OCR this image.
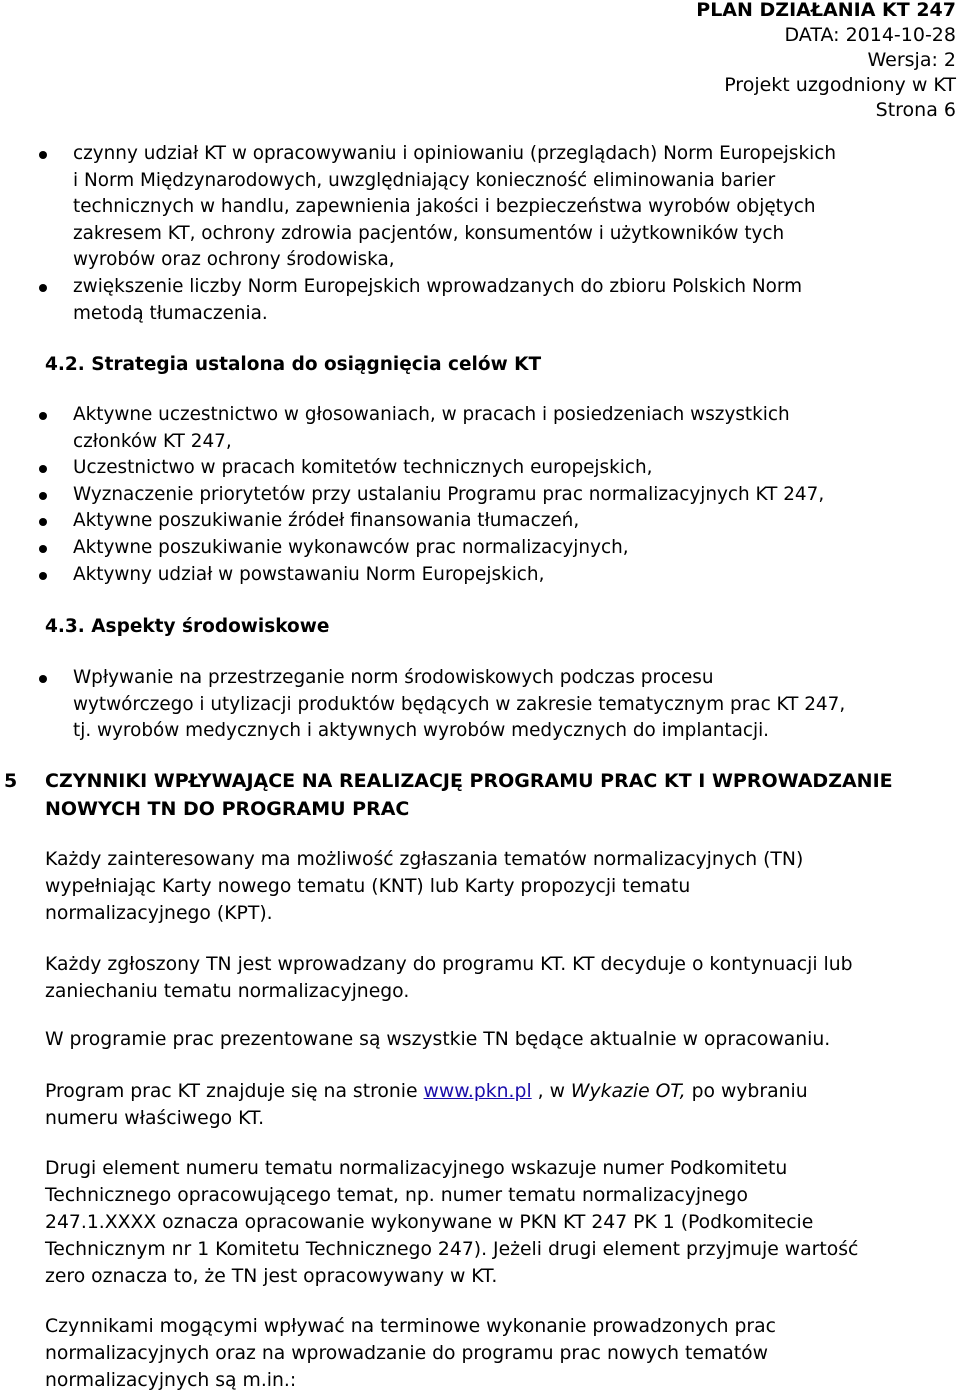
PLAN DZIAŁANIA KT 247
DATA: 2014-10-28
Wersja: 2
Projekt uzgodniony w KT
Strona 6
czynny udział KT w opracowywaniu i opiniowaniu (przeglądach) Norm Europejskich
i Norm Międzynarodowych, uwzględniający konieczność eliminowania barier
technicznych w handlu, zapewnienia jakości i bezpieczeństwa wyrobów objętych
zakresem KT, ochrony zdrowia pacjentów, konsumentów i użytkowników tych
wyrobów oraz ochrony środowiska,
zwiększenie liczby Norm Europejskich wprowadzanych do zbioru Polskich Norm
metodą tłumaczenia.
4.2. Strategia ustalona do osiągnięcia celów KT
Aktywne uczestnictwo w głosowaniach, w pracach i posiedzeniach wszystkich
członków KT 247,
Uczestnictwo w pracach komitetów technicznych europejskich,
Wyznaczenie priorytetów przy ustalaniu Programu prac normalizacyjnych KT 247,
Aktywne poszukiwanie źródeł finansowania tłumaczeń,
Aktywne poszukiwanie wykonawców prac normalizacyjnych,
Aktywny udział w powstawaniu Norm Europejskich,
4.3. Aspekty środowiskowe
Wpływanie na przestrzeganie norm środowiskowych podczas procesu
wytwórczego i utylizacji produktów będących w zakresie tematycznym prac KT 247,
tj. wyrobów medycznych i aktywnych wyrobów medycznych do implantacji.
5 CZYNNIKI WPŁYWAJĄCE NA REALIZACJĘ PROGRAMU PRAC KT I WPROWADZANIE
NOWYCH TN DO PROGRAMU PRAC
Każdy zainteresowany ma możliwość zgłaszania tematów normalizacyjnych (TN)
wypełniając Karty nowego tematu (KNT) lub Karty propozycji tematu
normalizacyjnego (KPT).
Każdy zgłoszony TN jest wprowadzany do programu KT. KT decyduje o kontynuacji lub
zaniechaniu tematu normalizacyjnego.
W programie prac prezentowane są wszystkie TN będące aktualnie w opracowaniu.
Program prac KT znajduje się na stronie www.pkn.pl , w Wykazie OT, po wybraniu
numeru właściwego KT.
Drugi element numeru tematu normalizacyjnego wskazuje numer Podkomitetu
Technicznego opracowującego temat, np. numer tematu normalizacyjnego
247.1.XXXX oznacza opracowanie wykonywane w PKN KT 247 PK 1 (Podkomitecie
Technicznym nr 1 Komitetu Technicznego 247). Jeżeli drugi element przyjmuje wartość
zero oznacza to, że TN jest opracowywany w KT.
Czynnikami mogącymi wpływać na terminowe wykonanie prowadzonych prac
normalizacyjnych oraz na wprowadzanie do programu prac nowych tematów
normalizacyjnych są m.in.:
